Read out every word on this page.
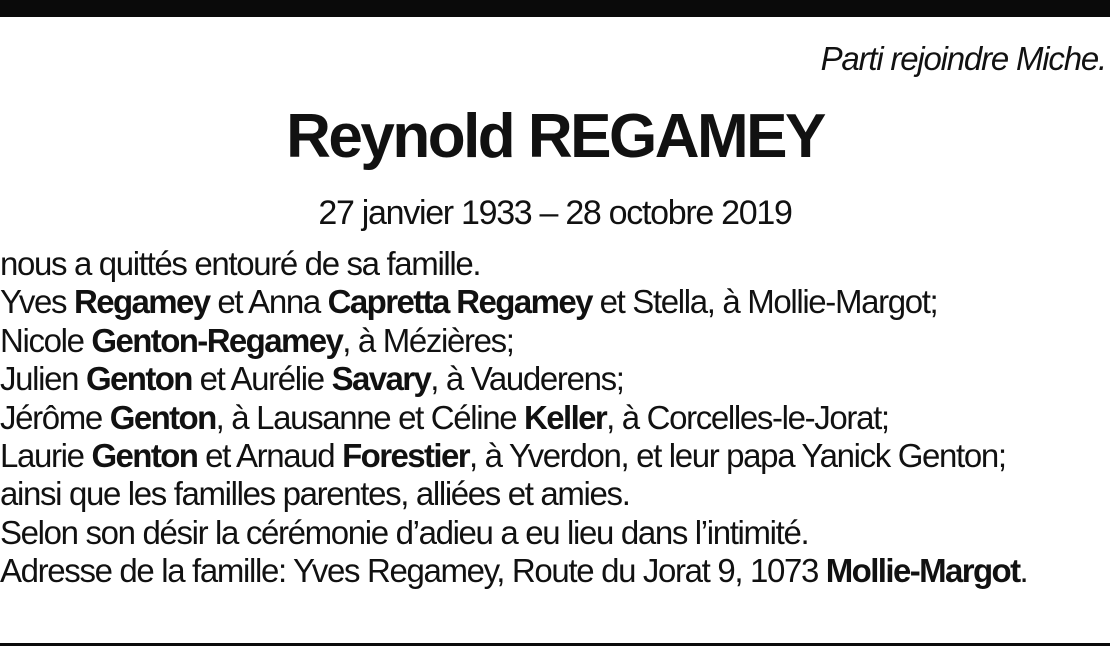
Parti rejoindre Miche.
Reynold REGAMEY
27 janvier 1933 – 28 octobre 2019
nous a quittés entouré de sa famille.
Yves Regamey et Anna Capretta Regamey et Stella, à Mollie-Margot;
Nicole Genton-Regamey, à Mézières;
Julien Genton et Aurélie Savary, à Vauderens;
Jérôme Genton, à Lausanne et Céline Keller, à Corcelles-le-Jorat;
Laurie Genton et Arnaud Forestier, à Yverdon, et leur papa Yanick Genton;
ainsi que les familles parentes, alliées et amies.
Selon son désir la cérémonie d’adieu a eu lieu dans l’intimité.
Adresse de la famille: Yves Regamey, Route du Jorat 9, 1073 Mollie-Margot.
